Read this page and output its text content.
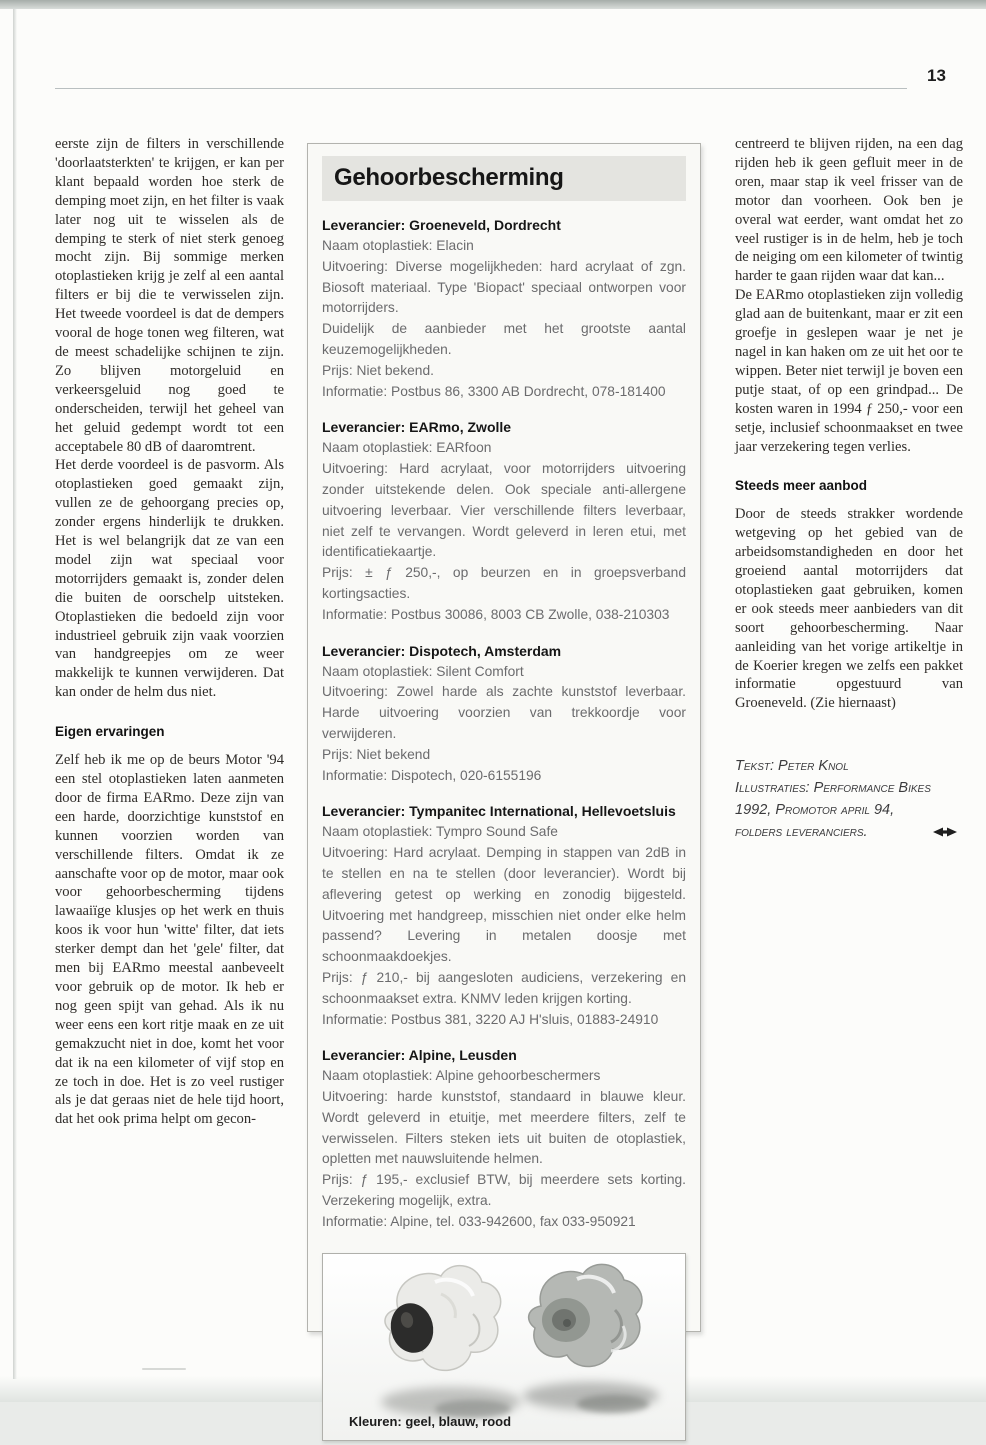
13

eerste zijn de filters in verschillende 'doorlaatsterkten' te krijgen, er kan per klant bepaald worden hoe sterk de demping moet zijn, en het filter is vaak later nog uit te wisselen als de demping te sterk of niet sterk genoeg mocht zijn. Bij sommige merken otoplastieken krijg je zelf al een aantal filters er bij die te verwisselen zijn. Het tweede voordeel is dat de dempers vooral de hoge tonen weg filteren, wat de meest schadelijke schijnen te zijn. Zo blijven motorgeluid en verkeersgeluid nog goed te onderscheiden, terwijl het geheel van het geluid gedempt wordt tot een acceptabele 80 dB of daaromtrent.

Het derde voordeel is de pasvorm. Als otoplastieken goed gemaakt zijn, vullen ze de gehoorgang precies op, zonder ergens hinderlijk te drukken. Het is wel belangrijk dat ze van een model zijn wat speciaal voor motorrijders gemaakt is, zonder delen die buiten de oorschelp uitsteken. Otoplastieken die bedoeld zijn voor industrieel gebruik zijn vaak voorzien van handgreepjes om ze weer makkelijk te kunnen verwijderen. Dat kan onder de helm dus niet.

Eigen ervaringen

Zelf heb ik me op de beurs Motor '94 een stel otoplastieken laten aanmeten door de firma EARmo. Deze zijn van een harde, doorzichtige kunststof en kunnen voorzien worden van verschillende filters. Omdat ik ze aanschafte voor op de motor, maar ook voor gehoorbescherming tijdens lawaaiïge klusjes op het werk en thuis koos ik voor hun 'witte' filter, dat iets sterker dempt dan het 'gele' filter, dat men bij EARmo meestal aanbeveelt voor gebruik op de motor. Ik heb er nog geen spijt van gehad. Als ik nu weer eens een kort ritje maak en ze uit gemakzucht niet in doe, komt het voor dat ik na een kilometer of vijf stop en ze toch in doe. Het is zo veel rustiger als je dat geraas niet de hele tijd hoort, dat het ook prima helpt om gecon-

Gehoorbescherming
Leverancier: Groeneveld, Dordrecht

Naam otoplastiek: Elacin

Uitvoering: Diverse mogelijkheden: hard acrylaat of zgn. Biosoft materiaal. Type 'Biopact' speciaal ontworpen voor motorrijders.

Duidelijk de aanbieder met het grootste aantal keuzemogelijkheden.

Prijs: Niet bekend.

Informatie: Postbus 86, 3300 AB Dordrecht, 078-181400

Leverancier: EARmo, Zwolle

Naam otoplastiek: EARfoon

Uitvoering: Hard acrylaat, voor motorrijders uitvoering zonder uitstekende delen. Ook speciale anti-allergene uitvoering leverbaar. Vier verschillende filters leverbaar, niet zelf te vervangen. Wordt geleverd in leren etui, met identificatiekaartje.

Prijs: ± ƒ 250,-, op beurzen en in groepsverband kortingsacties.

Informatie: Postbus 30086, 8003 CB Zwolle, 038-210303

Leverancier: Dispotech, Amsterdam

Naam otoplastiek: Silent Comfort

Uitvoering: Zowel harde als zachte kunststof leverbaar. Harde uitvoering voorzien van trekkoordje voor verwijderen.

Prijs: Niet bekend

Informatie: Dispotech, 020-6155196

Leverancier: Tympanitec International, Hellevoetsluis

Naam otoplastiek: Tympro Sound Safe

Uitvoering: Hard acrylaat. Demping in stappen van 2dB in te stellen en na te stellen (door leverancier). Wordt bij aflevering getest op werking en zonodig bijgesteld. Uitvoering met handgreep, misschien niet onder elke helm passend? Levering in metalen doosje met schoonmaakdoekjes.

Prijs: ƒ 210,- bij aangesloten audiciens, verzekering en schoonmaakset extra. KNMV leden krijgen korting.

Informatie: Postbus 381, 3220 AJ H'sluis, 01883-24910

Leverancier: Alpine, Leusden

Naam otoplastiek: Alpine gehoorbeschermers

Uitvoering: harde kunststof, standaard in blauwe kleur. Wordt geleverd in etuitje, met meerdere filters, zelf te verwisselen. Filters steken iets uit buiten de otoplastiek, opletten met nauwsluitende helmen.

Prijs: ƒ 195,- exclusief BTW, bij meerdere sets korting. Verzekering mogelijk, extra.

Informatie: Alpine, tel. 033-942600, fax 033-950921

Kleuren: geel, blauw, rood

centreerd te blijven rijden, na een dag rijden heb ik geen gefluit meer in de oren, maar stap ik veel frisser van de motor dan voorheen. Ook ben je overal wat eerder, want omdat het zo veel rustiger is in de helm, heb je toch de neiging om een kilometer of twintig harder te gaan rijden waar dat kan...

De EARmo otoplastieken zijn volledig glad aan de buitenkant, maar er zit een groefje in geslepen waar je net je nagel in kan haken om ze uit het oor te wippen. Beter niet terwijl je boven een putje staat, of op een grindpad... De kosten waren in 1994 ƒ 250,- voor een setje, inclusief schoonmaakset en twee jaar verzekering tegen verlies.

Steeds meer aanbod

Door de steeds strakker wordende wetgeving op het gebied van de arbeidsomstandigheden en door het groeiend aantal motorrijders dat otoplastieken gaat gebruiken, komen er ook steeds meer aanbieders van dit soort gehoorbescherming. Naar aanleiding van het vorige artikeltje in de Koerier kregen we zelfs een pakket informatie opgestuurd van Groeneveld. (Zie hiernaast)

Tekst: Peter Knol
Illustraties: Performance Bikes 1992, Promotor april 94,
folders leveranciers.
